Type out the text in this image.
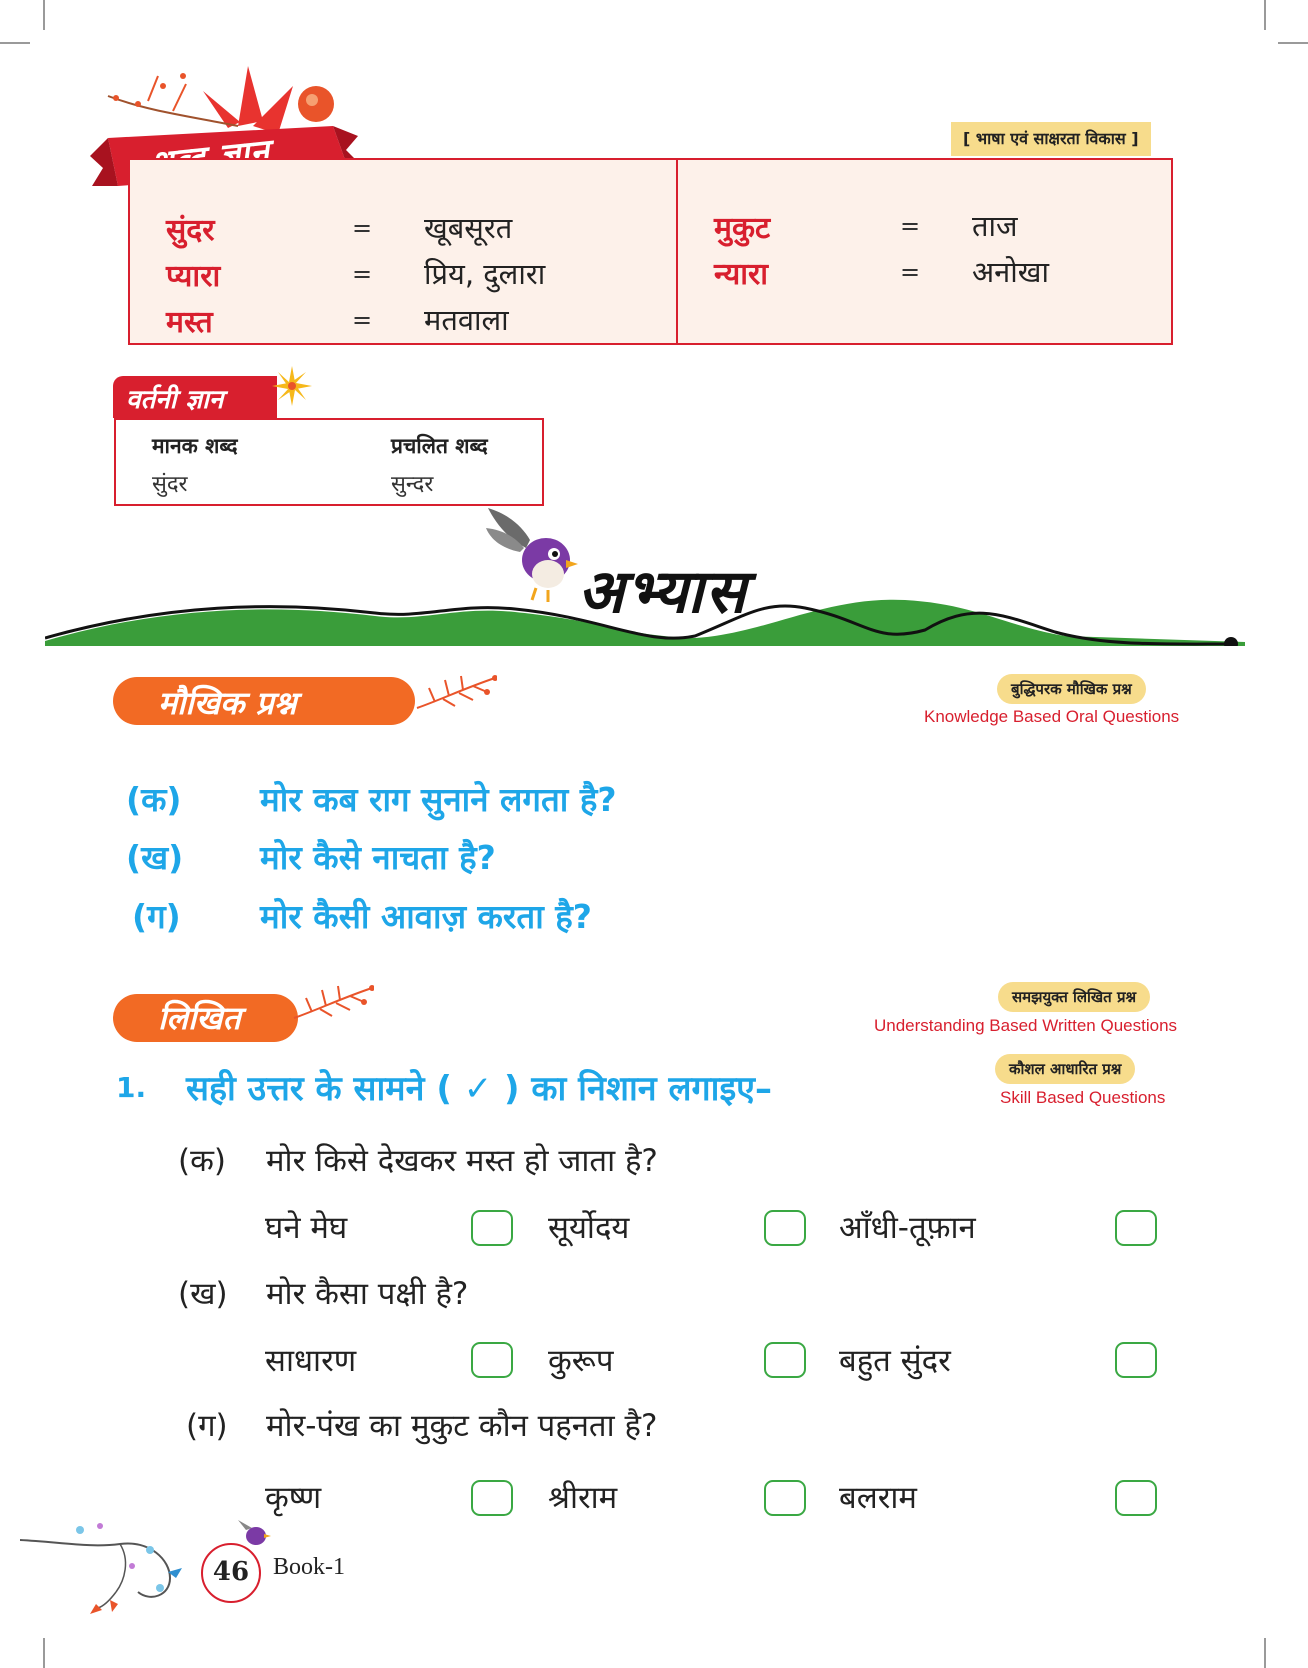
[ भाषा एवं साक्षरता विकास ]
सुंदर	= खूबसूरत
प्यारा	= प्रिय, दुलारा
मस्त	= मतवाला
मुकुट	= ताज
न्यारा	= अनोखा
वर्तनी ज्ञान
मानक शब्द	प्रचलित शब्द
सुंदर	सुन्दर
अभ्यास
मौखिक प्रश्न	बुद्धिपरक मौखिक प्रश्न
Knowledge Based Oral Questions
(क) मोर कब राग सुनाने लगता है?
(ख) मोर कैसे नाचता है?
(ग) मोर कैसी आवाज़ करता है?
लिखित
समझयुक्त लिखित प्रश्न
Understanding Based Written Questions
कौशल आधारित प्रश्न
Skill Based Questions
1. सही उत्तर के सामने ( ✓ ) का निशान लगाइए–
(क) मोर किसे देखकर मस्त हो जाता है?
घने मेघ	सूर्योदय	आँधी-तूफ़ान
(ख) मोर कैसा पक्षी है?
साधारण	कुरूप	बहुत सुंदर
(ग) मोर-पंख का मुकुट कौन पहनता है?
कृष्ण	श्रीराम	बलराम
46 Book-1
